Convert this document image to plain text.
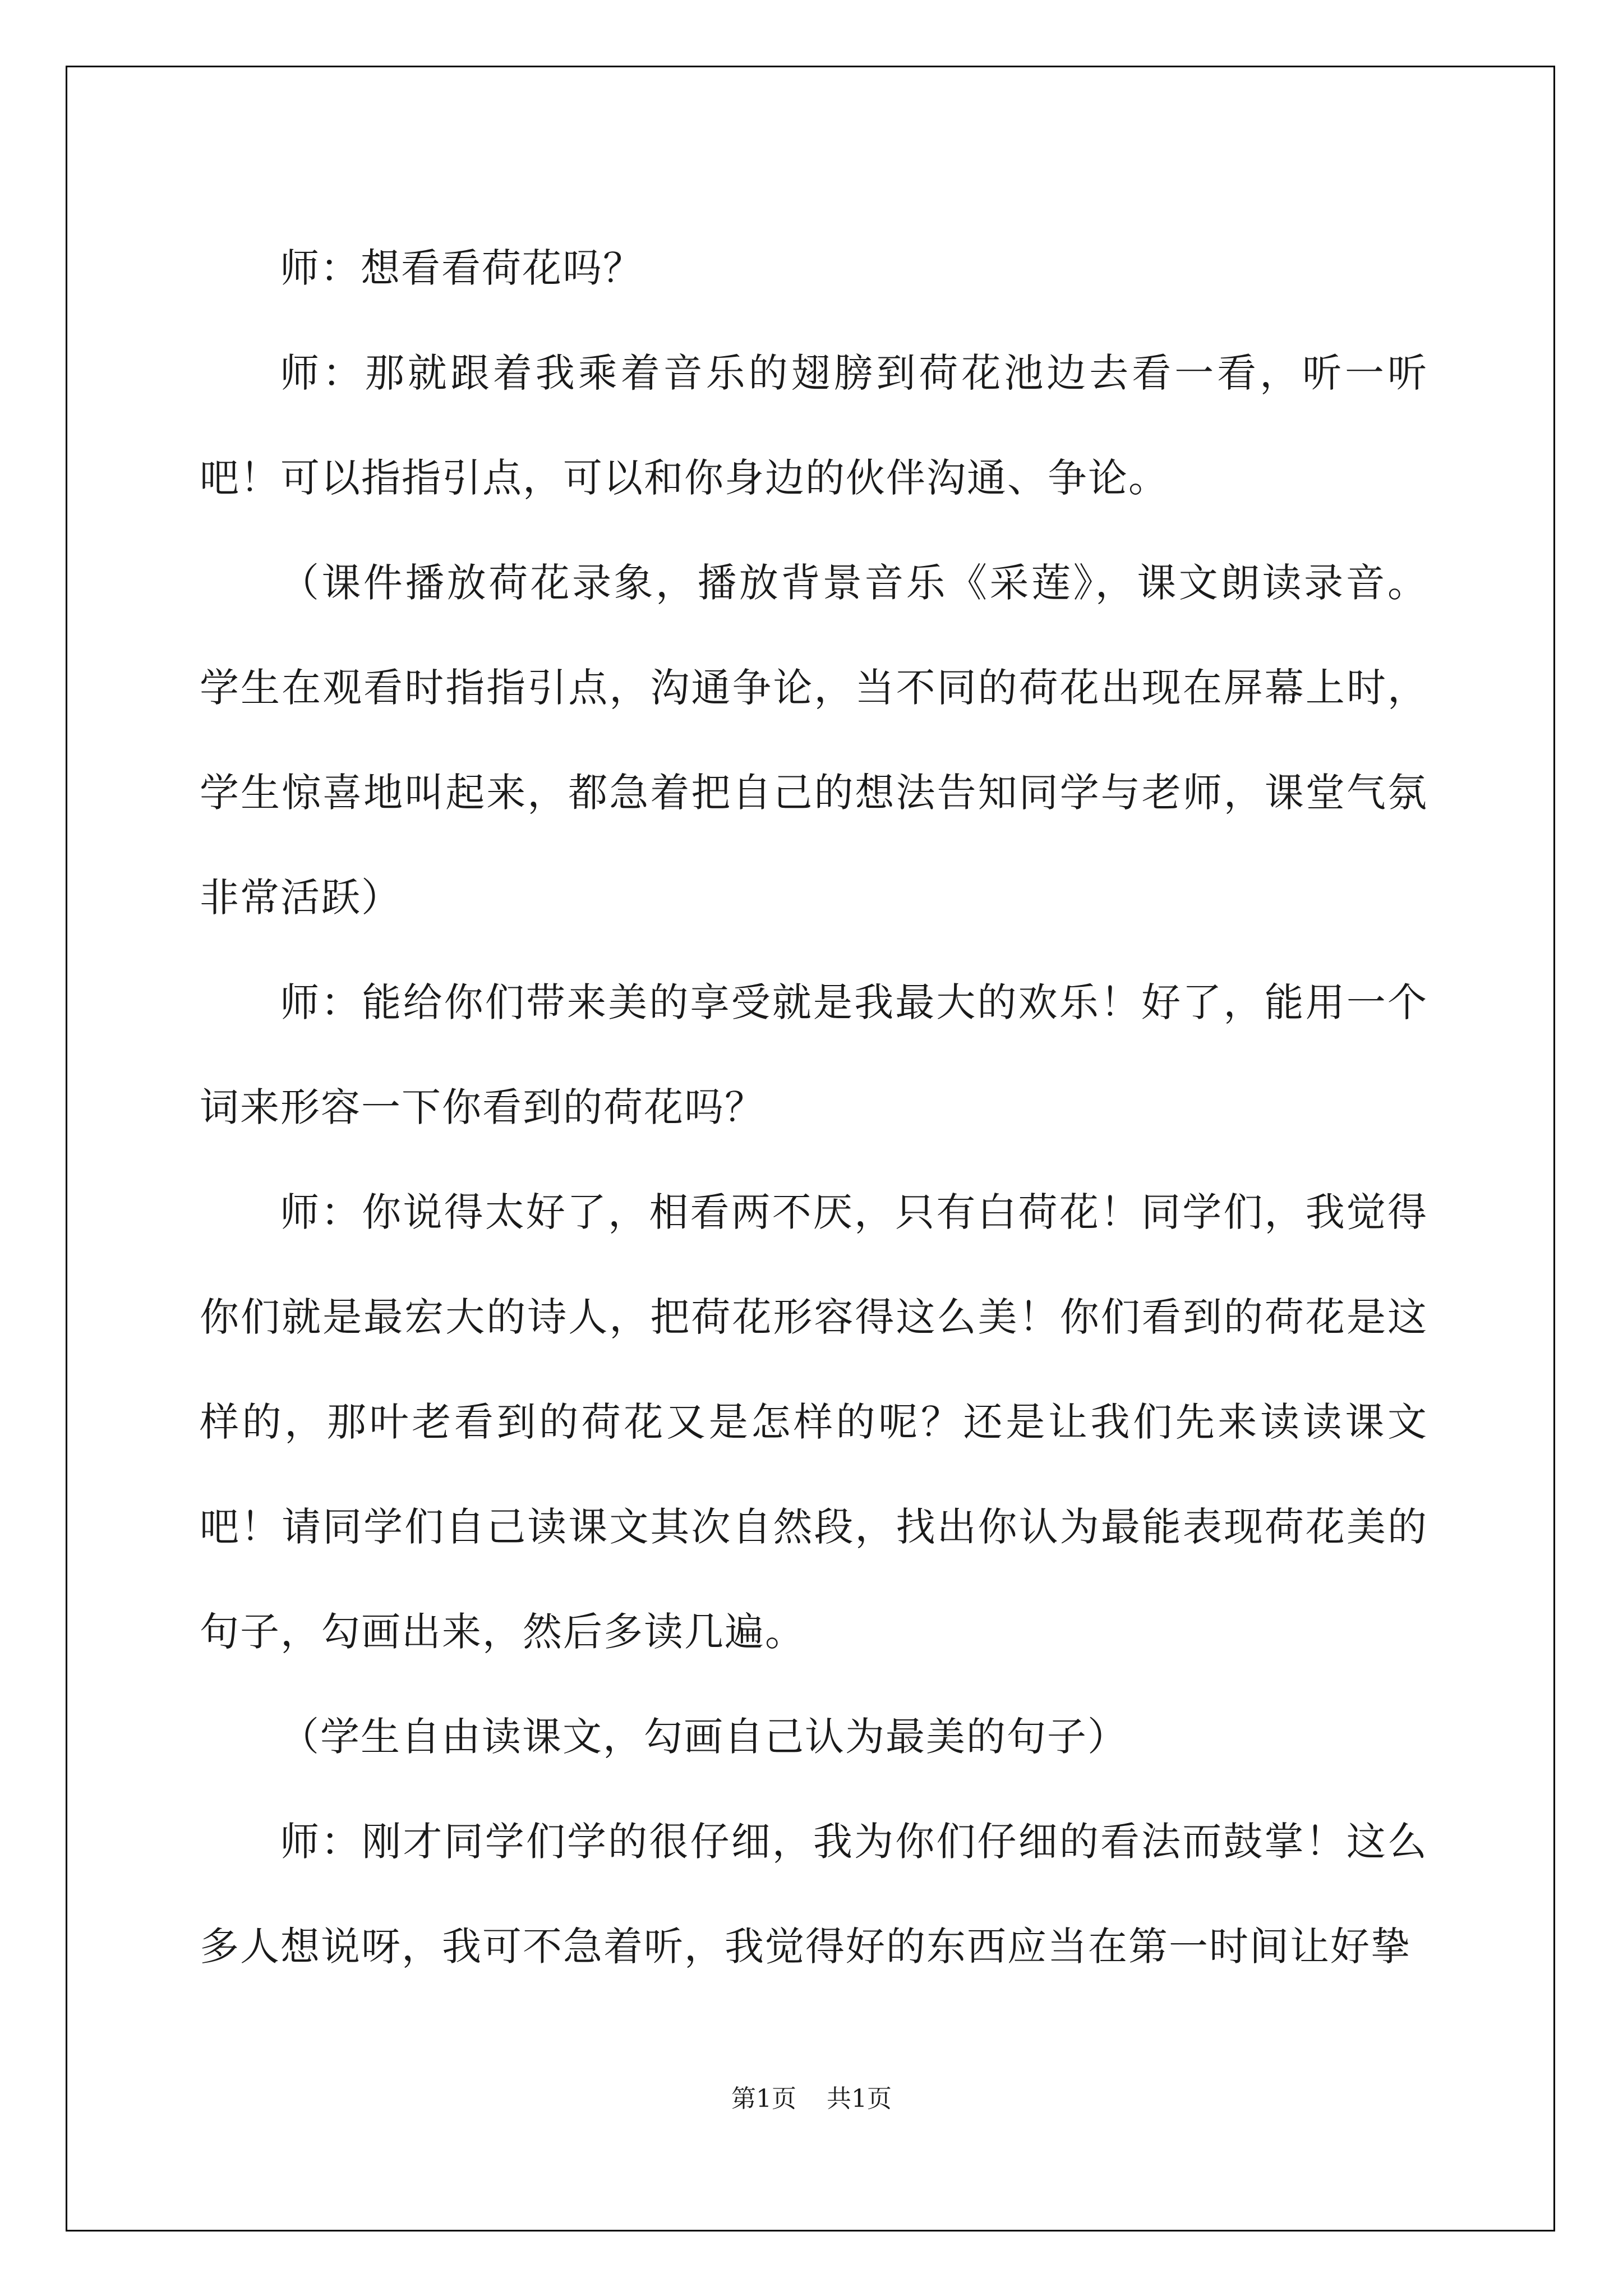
师：想看看荷花吗？

师：那就跟着我乘着音乐的翅膀到荷花池边去看一看，听一听吧！可以指指引点，可以和你身边的伙伴沟通、争论。

（课件播放荷花录象，播放背景音乐《采莲》，课文朗读录音。学生在观看时指指引点，沟通争论，当不同的荷花出现在屏幕上时，学生惊喜地叫起来，都急着把自己的想法告知同学与老师，课堂气氛非常活跃）

师：能给你们带来美的享受就是我最大的欢乐！好了，能用一个词来形容一下你看到的荷花吗？

师：你说得太好了，相看两不厌，只有白荷花！同学们，我觉得你们就是最宏大的诗人，把荷花形容得这么美！你们看到的荷花是这样的，那叶老看到的荷花又是怎样的呢？还是让我们先来读读课文吧！请同学们自己读课文其次自然段，找出你认为最能表现荷花美的句子，勾画出来，然后多读几遍。

（学生自由读课文，勾画自己认为最美的句子）

师：刚才同学们学的很仔细，我为你们仔细的看法而鼓掌！这么多人想说呀，我可不急着听，我觉得好的东西应当在第一时间让好挚

第1页 共1页
